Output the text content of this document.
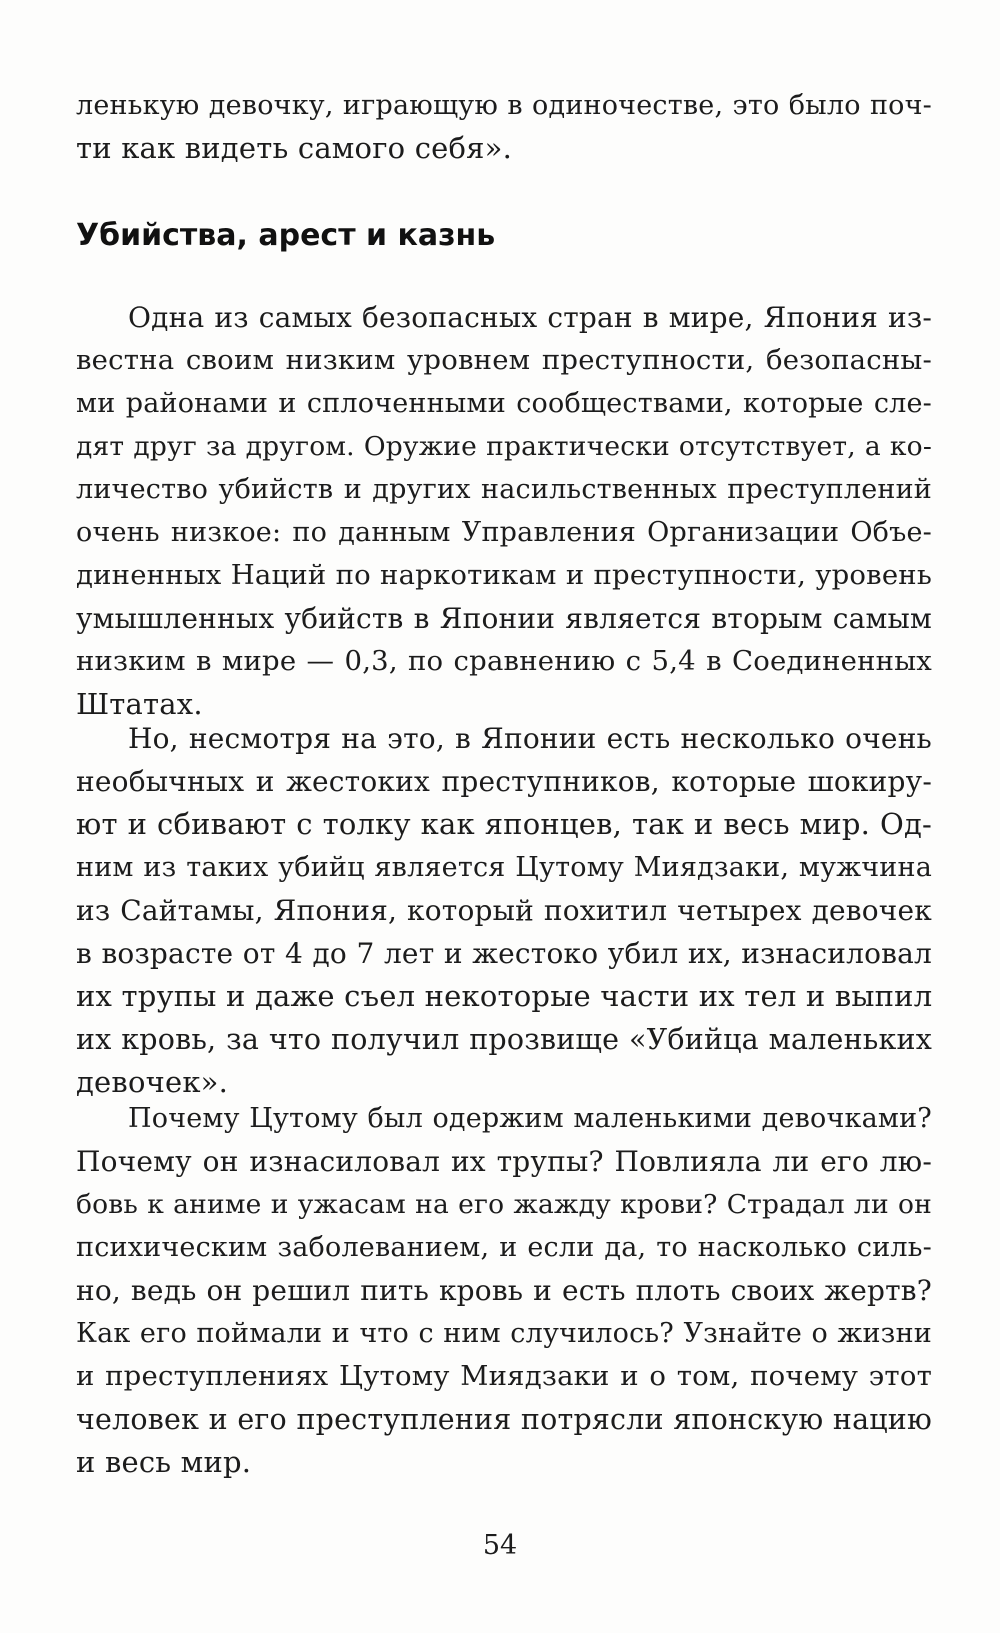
ленькую девочку, играющую в одиночестве, это было поч-
ти как видеть самого себя».
Убийства, арест и казнь
Одна из самых безопасных стран в мире, Япония из-
вестна своим низким уровнем преступности, безопасны-
ми районами и сплоченными сообществами, которые сле-
дят друг за другом. Оружие практически отсутствует, а ко-
личество убийств и других насильственных преступлений
очень низкое: по данным Управления Организации Объе-
диненных Наций по наркотикам и преступности, уровень
умышленных убийств в Японии является вторым самым
низким в мире — 0,3, по сравнению с 5,4 в Соединенных
Штатах.
Но, несмотря на это, в Японии есть несколько очень
необычных и жестоких преступников, которые шокиру-
ют и сбивают с толку как японцев, так и весь мир. Од-
ним из таких убийц является Цутому Миядзаки, мужчина
из Сайтамы, Япония, который похитил четырех девочек
в возрасте от 4 до 7 лет и жестоко убил их, изнасиловал
их трупы и даже съел некоторые части их тел и выпил
их кровь, за что получил прозвище «Убийца маленьких
девочек».
Почему Цутому был одержим маленькими девочками?
Почему он изнасиловал их трупы? Повлияла ли его лю-
бовь к аниме и ужасам на его жажду крови? Страдал ли он
психическим заболеванием, и если да, то насколько силь-
но, ведь он решил пить кровь и есть плоть своих жертв?
Как его поймали и что с ним случилось? Узнайте о жизни
и преступлениях Цутому Миядзаки и о том, почему этот
человек и его преступления потрясли японскую нацию
и весь мир.
54
